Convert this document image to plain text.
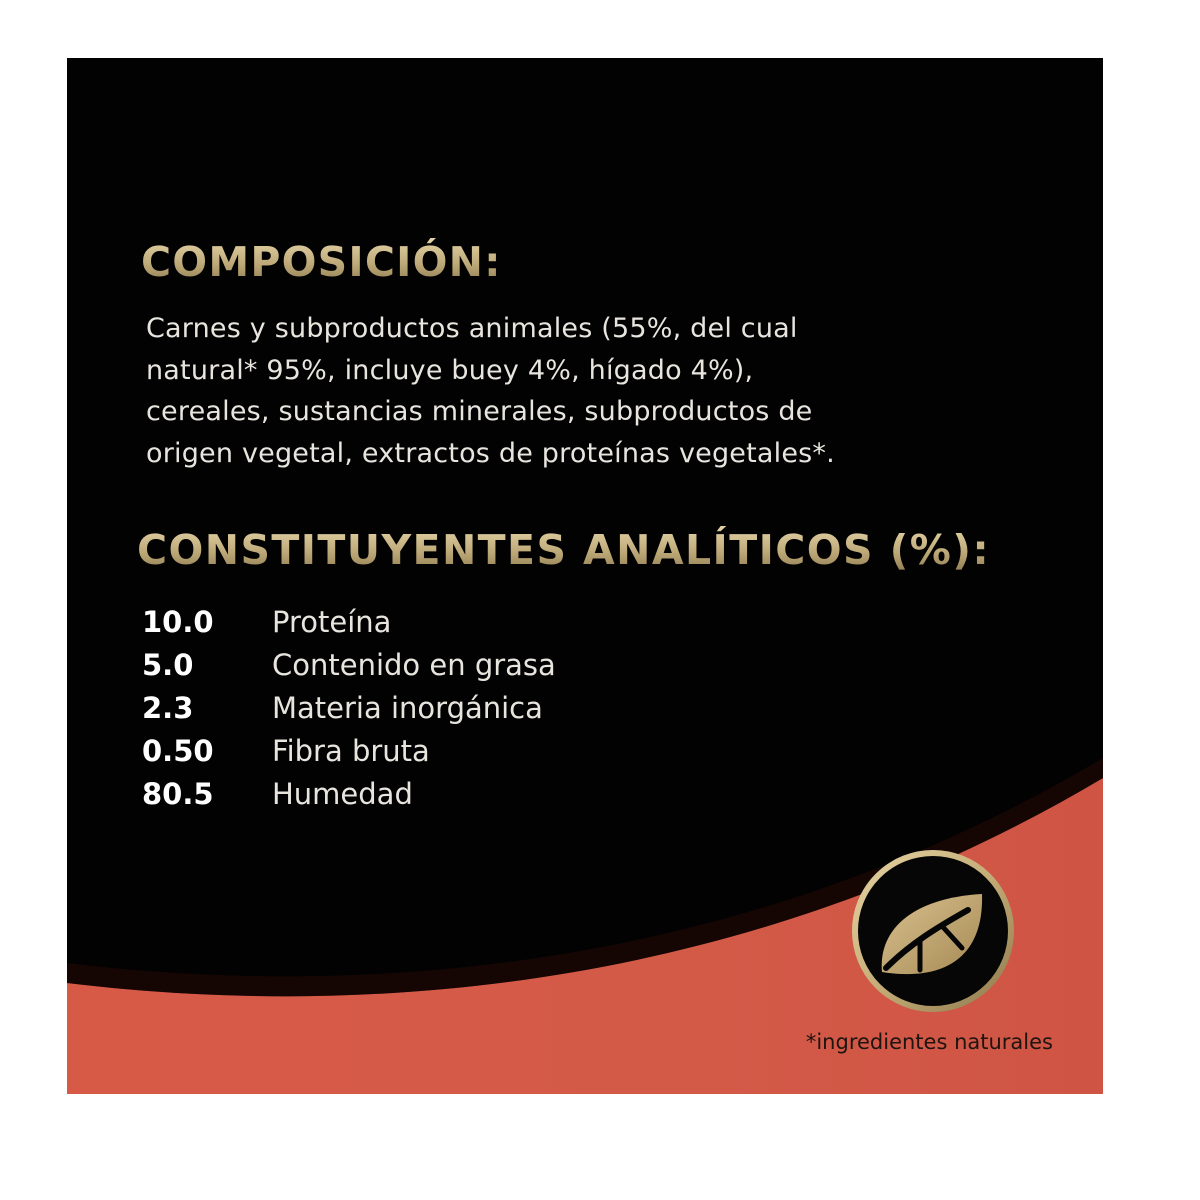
COMPOSICIÓN:

Carnes y subproductos animales (55%, del cual
natural* 95%, incluye buey 4%, hígado 4%),
cereales, sustancias minerales, subproductos de
origen vegetal, extractos de proteínas vegetales*.

CONSTITUYENTES ANALÍTICOS (%):
10.0 Proteína
5.0	Contenido en grasa
2.3	Materia inorgánica
0.50 Fibra bruta
80.5 Humedad
*ingredientes naturales
